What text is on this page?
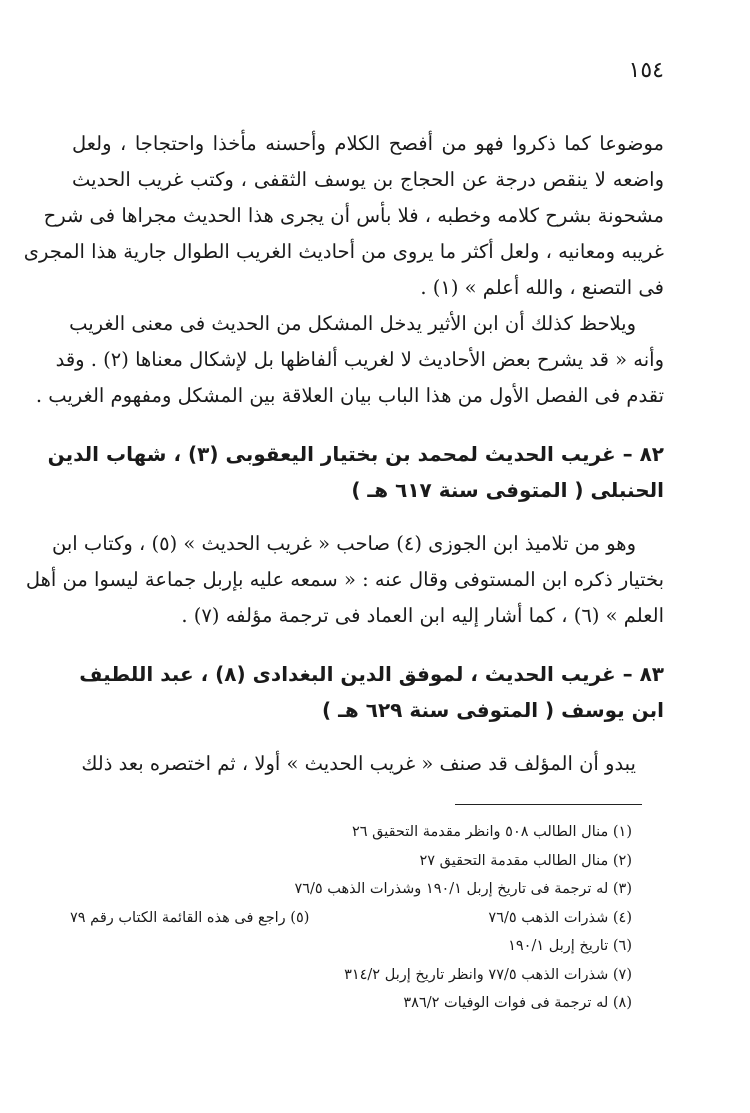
١٥٤
موضوعا كما ذكروا فهو من أفصح الكلام وأحسنه مأخذا واحتجاجا ، ولعل
واضعه لا ينقص درجة عن الحجاج بن يوسف الثقفى ، وكتب غريب الحديث
مشحونة بشرح كلامه وخطبه ، فلا بأس أن يجرى هذا الحديث مجراها فى شرح
غريبه ومعانيه ، ولعل أكثر ما يروى من أحاديث الغريب الطوال جارية هذا المجرى
فى التصنع ، والله أعلم » (١) .
ويلاحظ كذلك أن ابن الأثير يدخل المشكل من الحديث فى معنى الغريب
وأنه « قد يشرح بعض الأحاديث لا لغريب ألفاظها بل لإشكال معناها (٢) . وقد
تقدم فى الفصل الأول من هذا الباب بيان العلاقة بين المشكل ومفهوم الغريب .
٨٢ – غريب الحديث لمحمد بن بختيار اليعقوبى (٣) ، شهاب الدين
الحنبلى ( المتوفى سنة ٦١٧ هـ )
وهو من تلاميذ ابن الجوزى (٤) صاحب « غريب الحديث » (٥) ، وكتاب ابن
بختيار ذكره ابن المستوفى وقال عنه : « سمعه عليه بإربل جماعة ليسوا من أهل
العلم » (٦) ، كما أشار إليه ابن العماد فى ترجمة مؤلفه (٧) .
٨٣ – غريب الحديث ، لموفق الدين البغدادى (٨) ، عبد اللطيف
ابن يوسف ( المتوفى سنة ٦٢٩ هـ )
يبدو أن المؤلف قد صنف « غريب الحديث » أولا ، ثم اختصره بعد ذلك
(١) منال الطالب ٥٠٨ وانظر مقدمة التحقيق ٢٦
(٢) منال الطالب مقدمة التحقيق ٢٧
(٣) له ترجمة فى تاريخ إربل ١٩٠/١ وشذرات الذهب ٧٦/٥
(٤) شذرات الذهب ٧٦/٥
(٥) راجع فى هذه القائمة الكتاب رقم ٧٩
(٦) تاريخ إربل ١٩٠/١
(٧) شذرات الذهب ٧٧/٥ وانظر تاريخ إربل ٣١٤/٢
(٨) له ترجمة فى فوات الوفيات ٣٨٦/٢
